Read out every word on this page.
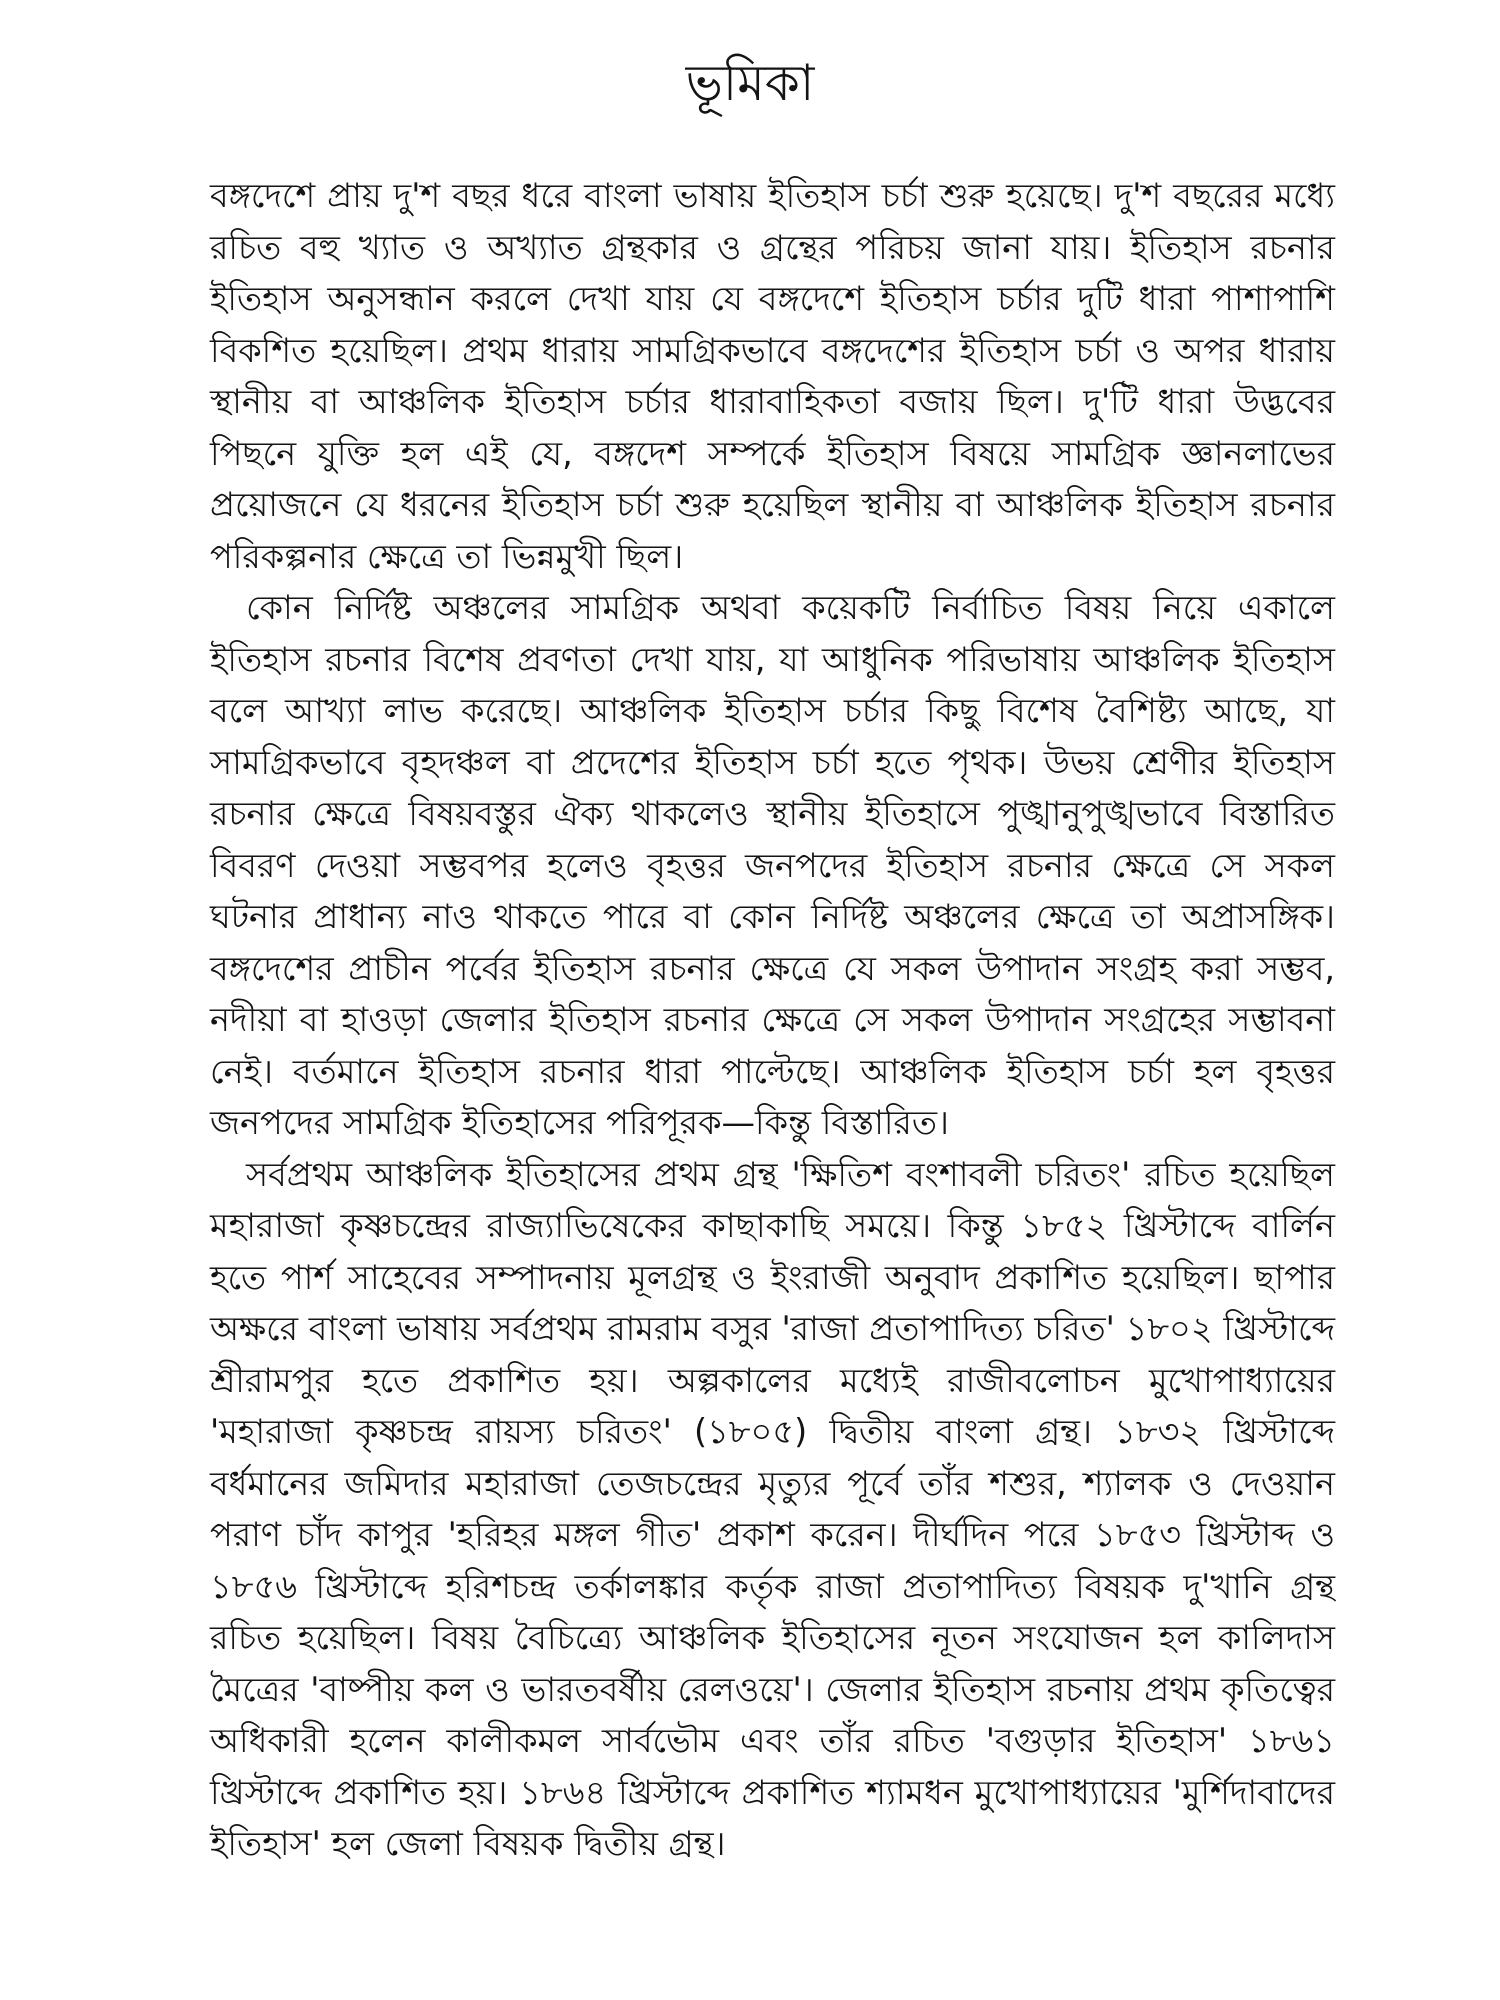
ভূমিকা

বঙ্গদেশে প্রায় দু'শ বছর ধরে বাংলা ভাষায় ইতিহাস চর্চা শুরু হয়েছে। দু'শ বছরের মধ্যে রচিত বহু খ্যাত ও অখ্যাত গ্রন্থকার ও গ্রন্থের পরিচয় জানা যায়। ইতিহাস রচনার ইতিহাস অনুসন্ধান করলে দেখা যায় যে বঙ্গদেশে ইতিহাস চর্চার দুটি ধারা পাশাপাশি বিকশিত হয়েছিল। প্রথম ধারায় সামগ্রিকভাবে বঙ্গদেশের ইতিহাস চর্চা ও অপর ধারায় স্থানীয় বা আঞ্চলিক ইতিহাস চর্চার ধারাবাহিকতা বজায় ছিল। দু'টি ধারা উদ্ভবের পিছনে যুক্তি হল এই যে, বঙ্গদেশ সম্পর্কে ইতিহাস বিষয়ে সামগ্রিক জ্ঞানলাভের প্রয়োজনে যে ধরনের ইতিহাস চর্চা শুরু হয়েছিল স্থানীয় বা আঞ্চলিক ইতিহাস রচনার পরিকল্পনার ক্ষেত্রে তা ভিন্নমুখী ছিল।

কোন নির্দিষ্ট অঞ্চলের সামগ্রিক অথবা কয়েকটি নির্বাচিত বিষয় নিয়ে একালে ইতিহাস রচনার বিশেষ প্রবণতা দেখা যায়, যা আধুনিক পরিভাষায় আঞ্চলিক ইতিহাস বলে আখ্যা লাভ করেছে। আঞ্চলিক ইতিহাস চর্চার কিছু বিশেষ বৈশিষ্ট্য আছে, যা সামগ্রিকভাবে বৃহদঞ্চল বা প্রদেশের ইতিহাস চর্চা হতে পৃথক। উভয় শ্রেণীর ইতিহাস রচনার ক্ষেত্রে বিষয়বস্তুর ঐক্য থাকলেও স্থানীয় ইতিহাসে পুঙ্খানুপুঙ্খভাবে বিস্তারিত বিবরণ দেওয়া সম্ভবপর হলেও বৃহত্তর জনপদের ইতিহাস রচনার ক্ষেত্রে সে সকল ঘটনার প্রাধান্য নাও থাকতে পারে বা কোন নির্দিষ্ট অঞ্চলের ক্ষেত্রে তা অপ্রাসঙ্গিক। বঙ্গদেশের প্রাচীন পর্বের ইতিহাস রচনার ক্ষেত্রে যে সকল উপাদান সংগ্রহ করা সম্ভব, নদীয়া বা হাওড়া জেলার ইতিহাস রচনার ক্ষেত্রে সে সকল উপাদান সংগ্রহের সম্ভাবনা নেই। বর্তমানে ইতিহাস রচনার ধারা পাল্টেছে। আঞ্চলিক ইতিহাস চর্চা হল বৃহত্তর জনপদের সামগ্রিক ইতিহাসের পরিপূরক—কিন্তু বিস্তারিত।

সর্বপ্রথম আঞ্চলিক ইতিহাসের প্রথম গ্রন্থ 'ক্ষিতিশ বংশাবলী চরিতং' রচিত হয়েছিল মহারাজা কৃষ্ণচন্দ্রের রাজ্যাভিষেকের কাছাকাছি সময়ে। কিন্তু ১৮৫২ খ্রিস্টাব্দে বার্লিন হতে পার্শ সাহেবের সম্পাদনায় মূলগ্রন্থ ও ইংরাজী অনুবাদ প্রকাশিত হয়েছিল। ছাপার অক্ষরে বাংলা ভাষায় সর্বপ্রথম রামরাম বসুর 'রাজা প্রতাপাদিত্য চরিত' ১৮০২ খ্রিস্টাব্দে শ্রীরামপুর হতে প্রকাশিত হয়। অল্পকালের মধ্যেই রাজীবলোচন মুখোপাধ্যায়ের 'মহারাজা কৃষ্ণচন্দ্র রায়স্য চরিতং' (১৮০৫) দ্বিতীয় বাংলা গ্রন্থ। ১৮৩২ খ্রিস্টাব্দে বর্ধমানের জমিদার মহারাজা তেজচন্দ্রের মৃত্যুর পূর্বে তাঁর শশুর, শ্যালক ও দেওয়ান পরাণ চাঁদ কাপুর 'হরিহর মঙ্গল গীত' প্রকাশ করেন। দীর্ঘদিন পরে ১৮৫৩ খ্রিস্টাব্দ ও ১৮৫৬ খ্রিস্টাব্দে হরিশচন্দ্র তর্কালঙ্কার কর্তৃক রাজা প্রতাপাদিত্য বিষয়ক দু'খানি গ্রন্থ রচিত হয়েছিল। বিষয় বৈচিত্র্যে আঞ্চলিক ইতিহাসের নূতন সংযোজন হল কালিদাস মৈত্রের 'বাষ্পীয় কল ও ভারতবর্ষীয় রেলওয়ে'। জেলার ইতিহাস রচনায় প্রথম কৃতিত্বের অধিকারী হলেন কালীকমল সার্বভৌম এবং তাঁর রচিত 'বগুড়ার ইতিহাস' ১৮৬১ খ্রিস্টাব্দে প্রকাশিত হয়। ১৮৬৪ খ্রিস্টাব্দে প্রকাশিত শ্যামধন মুখোপাধ্যায়ের 'মুর্শিদাবাদের ইতিহাস' হল জেলা বিষয়ক দ্বিতীয় গ্রন্থ।
